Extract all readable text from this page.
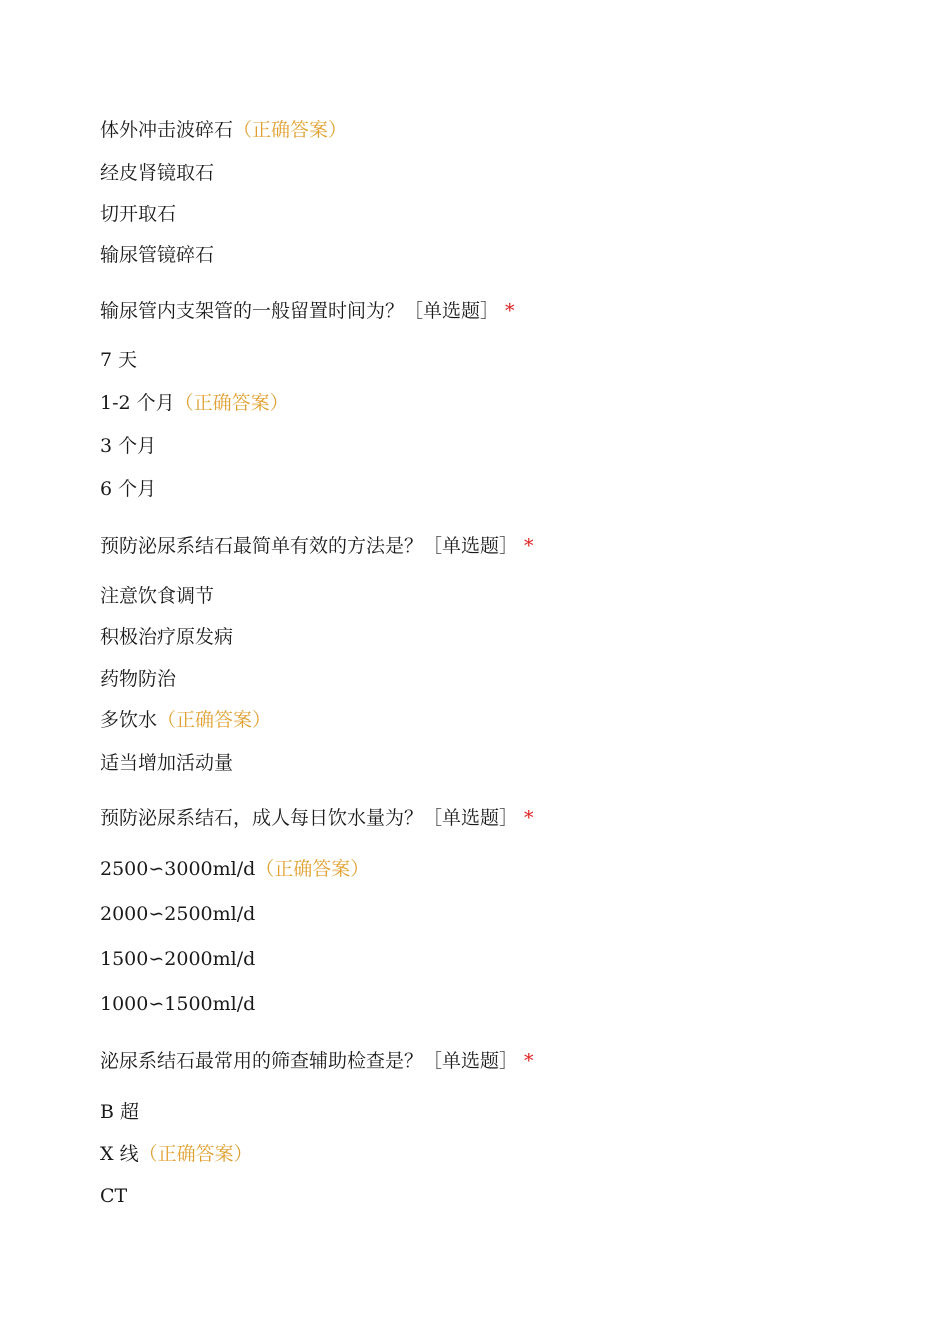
体外冲击波碎石（正确答案）
经皮肾镜取石
切开取石
输尿管镜碎石
输尿管内支架管的一般留置时间为？［单选题］ *
7 天
1-2 个月（正确答案）
3 个月
6 个月
预防泌尿系结石最简单有效的方法是？［单选题］ *
注意饮食调节
积极治疗原发病
药物防治
多饮水（正确答案）
适当增加活动量
预防泌尿系结石，成人每日饮水量为？［单选题］ *
2500∽3000ml/d（正确答案）
2000∽2500ml/d
1500∽2000ml/d
1000∽1500ml/d
泌尿系结石最常用的筛查辅助检查是？［单选题］ *
B 超
X 线（正确答案）
CT
